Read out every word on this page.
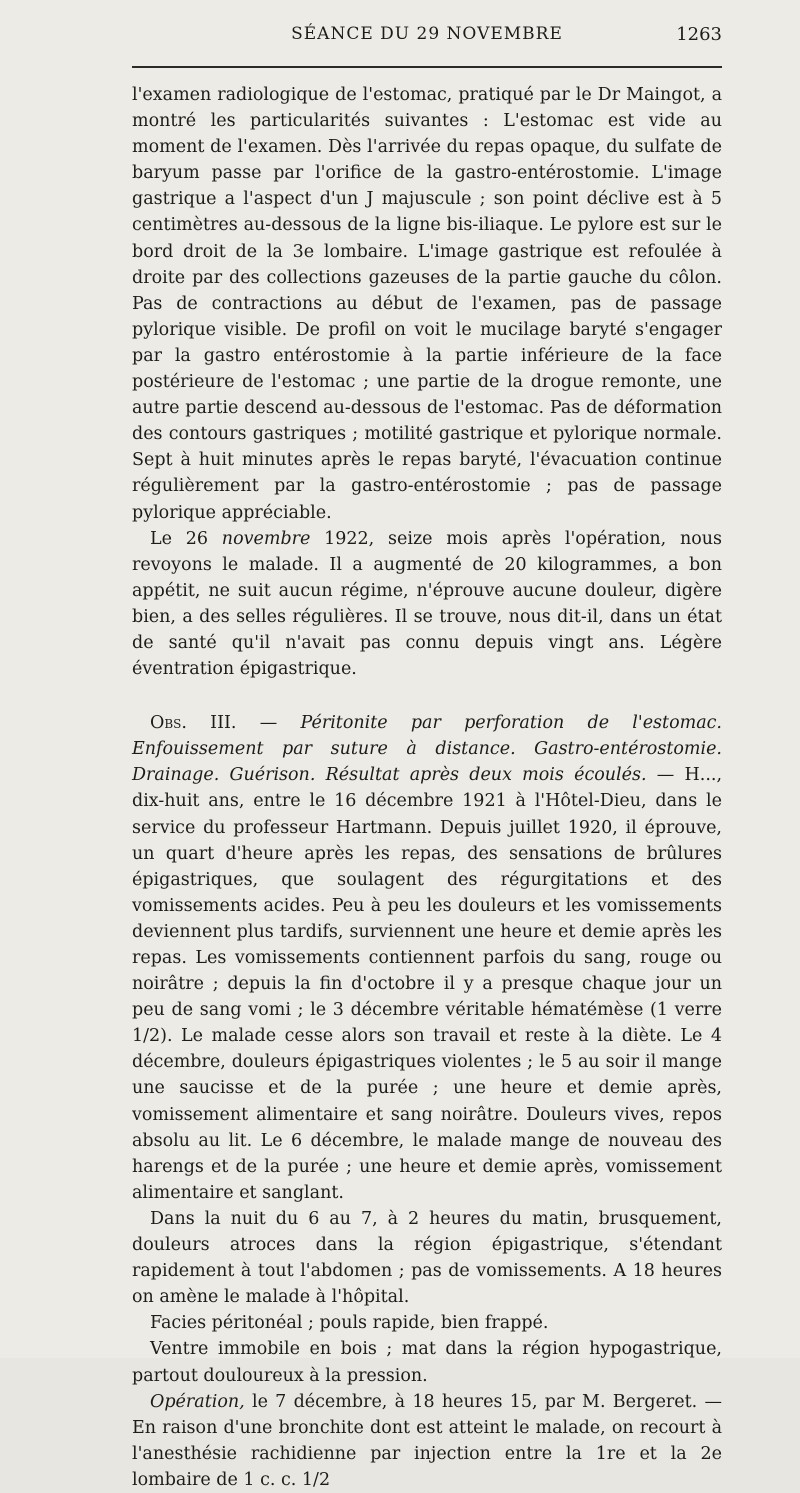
SÉANCE DU 29 NOVEMBRE	1263

l'examen radiologique de l'estomac, pratiqué par le Dr Maingot, a montré les particularités suivantes : L'estomac est vide au moment de l'examen. Dès l'arrivée du repas opaque, du sulfate de baryum passe par l'orifice de la gastro-entérostomie. L'image gastrique a l'aspect d'un J majuscule ; son point déclive est à 5 centimètres au-dessous de la ligne bis-iliaque. Le pylore est sur le bord droit de la 3e lombaire. L'image gastrique est refoulée à droite par des collections gazeuses de la partie gauche du côlon. Pas de contractions au début de l'examen, pas de passage pylorique visible. De profil on voit le mucilage baryté s'engager par la gastro entérostomie à la partie inférieure de la face postérieure de l'estomac ; une partie de la drogue remonte, une autre partie descend au-dessous de l'estomac. Pas de déformation des contours gastriques ; motilité gastrique et pylorique normale. Sept à huit minutes après le repas baryté, l'évacuation continue régulièrement par la gastro-entérostomie ; pas de passage pylorique appréciable.

Le 26 novembre 1922, seize mois après l'opération, nous revoyons le malade. Il a augmenté de 20 kilogrammes, a bon appétit, ne suit aucun régime, n'éprouve aucune douleur, digère bien, a des selles régulières. Il se trouve, nous dit-il, dans un état de santé qu'il n'avait pas connu depuis vingt ans. Légère éventration épigastrique.

Obs. III. — Péritonite par perforation de l'estomac. Enfouissement par suture à distance. Gastro-entérostomie. Drainage. Guérison. Résultat après deux mois écoulés. — H..., dix-huit ans, entre le 16 décembre 1921 à l'Hôtel-Dieu, dans le service du professeur Hartmann. Depuis juillet 1920, il éprouve, un quart d'heure après les repas, des sensations de brûlures épigastriques, que soulagent des régurgitations et des vomissements acides. Peu à peu les douleurs et les vomissements deviennent plus tardifs, surviennent une heure et demie après les repas. Les vomissements contiennent parfois du sang, rouge ou noirâtre ; depuis la fin d'octobre il y a presque chaque jour un peu de sang vomi ; le 3 décembre véritable hématémèse (1 verre 1/2). Le malade cesse alors son travail et reste à la diète. Le 4 décembre, douleurs épigastriques violentes ; le 5 au soir il mange une saucisse et de la purée ; une heure et demie après, vomissement alimentaire et sang noirâtre. Douleurs vives, repos absolu au lit. Le 6 décembre, le malade mange de nouveau des harengs et de la purée ; une heure et demie après, vomissement alimentaire et sanglant.

Dans la nuit du 6 au 7, à 2 heures du matin, brusquement, douleurs atroces dans la région épigastrique, s'étendant rapidement à tout l'abdomen ; pas de vomissements. A 18 heures on amène le malade à l'hôpital.

Facies péritonéal ; pouls rapide, bien frappé.

Ventre immobile en bois ; mat dans la région hypogastrique, partout douloureux à la pression.

Opération, le 7 décembre, à 18 heures 15, par M. Bergeret. — En raison d'une bronchite dont est atteint le malade, on recourt à l'anesthésie rachidienne par injection entre la 1re et la 2e lombaire de 1 c. c. 1/2
